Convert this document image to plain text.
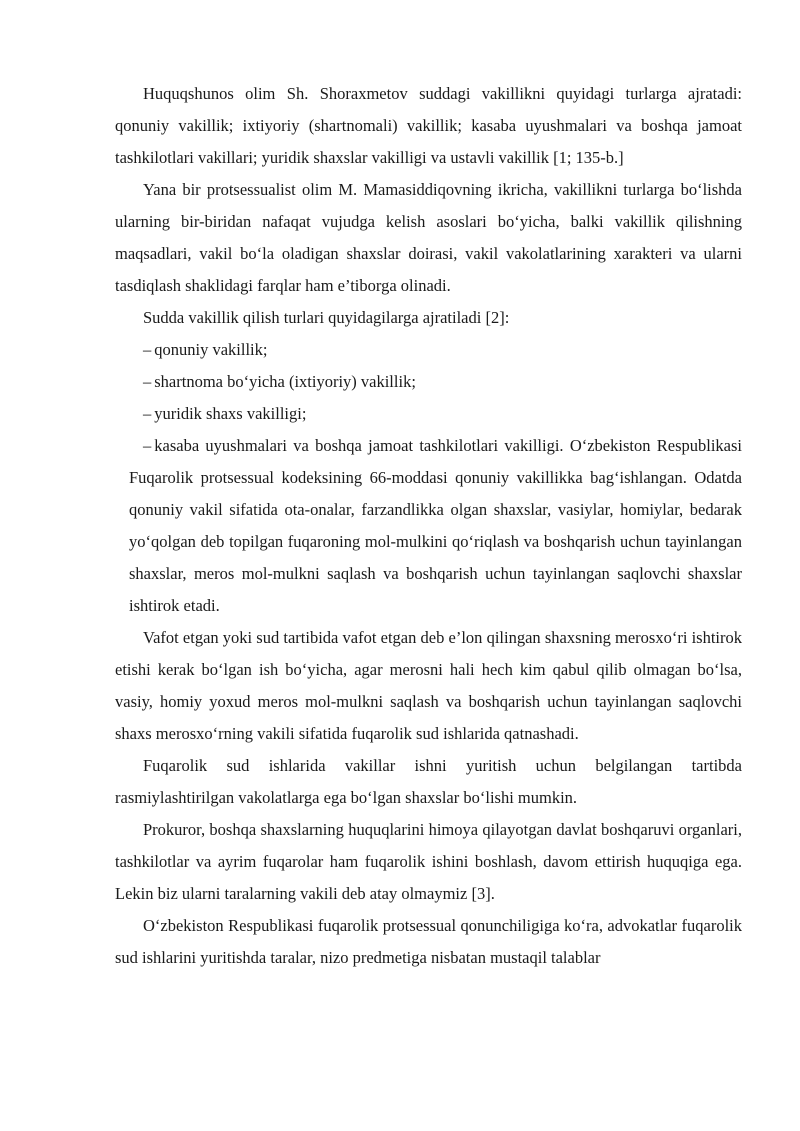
Huquqshunos olim Sh. Shoraxmetov suddagi vakillikni quyidagi turlarga ajratadi: qonuniy vakillik; ixtiyoriy (shartnomali) vakillik; kasaba uyushmalari va boshqa jamoat tashkilotlari vakillari; yuridik shaxslar vakilligi va ustavli vakillik [1; 135-b.]

Yana bir protsessualist olim M. Mamasiddiqovning ikricha, vakillikni turlarga bo‘lishda ularning bir-biridan nafaqat vujudga kelish asoslari bo‘yicha, balki vakillik qilishning maqsadlari, vakil bo‘la oladigan shaxslar doirasi, vakil vakolatlarining xarakteri va ularni tasdiqlash shaklidagi farqlar ham e’tiborga olinadi.

Sudda vakillik qilish turlari quyidagilarga ajratiladi [2]:

– qonuniy vakillik;
– shartnoma bo‘yicha (ixtiyoriy) vakillik;
– yuridik shaxs vakilligi;
– kasaba uyushmalari va boshqa jamoat tashkilotlari vakilligi. O‘zbekiston Respublikasi Fuqarolik protsessual kodeksining 66-moddasi qonuniy vakillikka bag‘ishlangan. Odatda qonuniy vakil sifatida ota-onalar, farzandlikka olgan shaxslar, vasiylar, homiylar, bedarak yo‘qolgan deb topilgan fuqaroning mol-mulkini qo‘riqlash va boshqarish uchun tayinlangan shaxslar, meros mol-mulkni saqlash va boshqarish uchun tayinlangan saqlovchi shaxslar ishtirok etadi.

Vafot etgan yoki sud tartibida vafot etgan deb e’lon qilingan shaxsning merosxo‘ri ishtirok etishi kerak bo‘lgan ish bo‘yicha, agar merosni hali hech kim qabul qilib olmagan bo‘lsa, vasiy, homiy yoxud meros mol-mulkni saqlash va boshqarish uchun tayinlangan saqlovchi shaxs merosxo‘rning vakili sifatida fuqarolik sud ishlarida qatnashadi.

Fuqarolik sud ishlarida vakillar ishni yuritish uchun belgilangan tartibda rasmiylashtirilgan vakolatlarga ega bo‘lgan shaxslar bo‘lishi mumkin.

Prokuror, boshqa shaxslarning huquqlarini himoya qilayotgan davlat boshqaruvi organlari, tashkilotlar va ayrim fuqarolar ham fuqarolik ishini boshlash, davom ettirish huquqiga ega. Lekin biz ularni taralarning vakili deb atay olmaymiz [3].

O‘zbekiston Respublikasi fuqarolik protsessual qonunchiligiga ko‘ra, advokatlar fuqarolik sud ishlarini yuritishda taralar, nizo predmetiga nisbatan mustaqil talablar
